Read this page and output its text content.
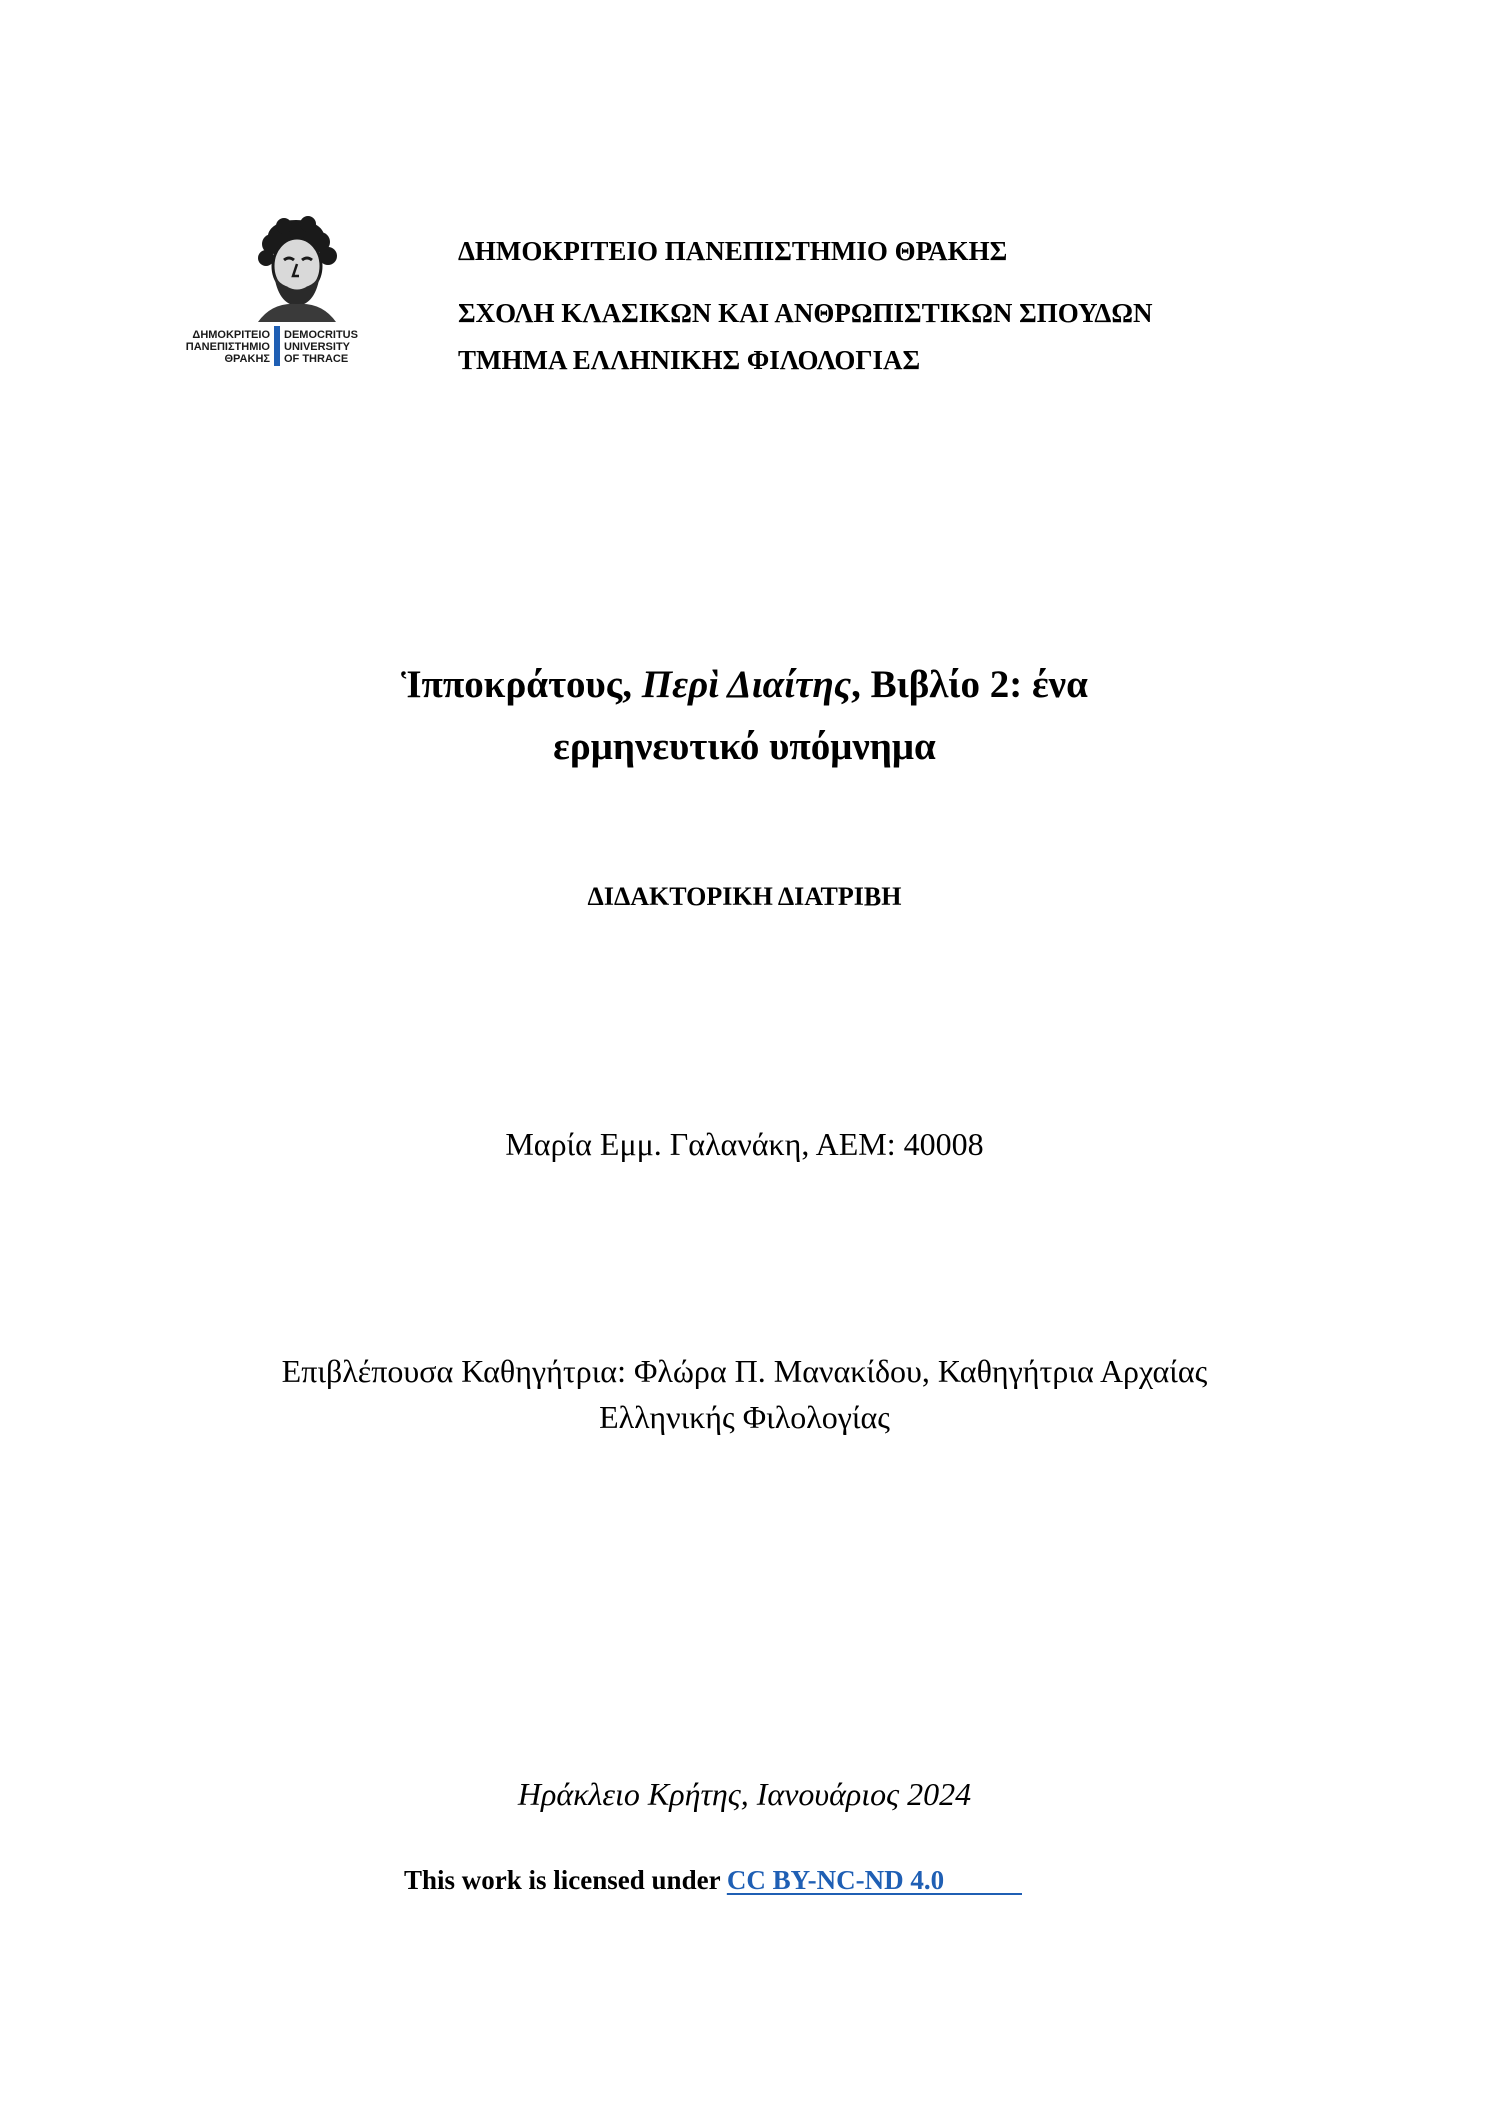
ΔΗΜΟΚΡΙΤΕΙΟ
ΠΑΝΕΠΙΣΤΗΜΙΟ
ΘΡΑΚΗΣ
DEMOCRITUS
UNIVERSITY
OF THRACE
ΔΗΜΟΚΡΙΤΕΙΟ ΠΑΝΕΠΙΣΤΗΜΙΟ ΘΡΑΚΗΣ
ΣΧΟΛΗ ΚΛΑΣΙΚΩΝ ΚΑΙ ΑΝΘΡΩΠΙΣΤΙΚΩΝ ΣΠΟΥΔΩΝ
ΤΜΗΜΑ ΕΛΛΗΝΙΚΗΣ ΦΙΛΟΛΟΓΙΑΣ
Ἱπποκράτους, Περὶ Διαίτης, Βιβλίο 2: ένα
ερμηνευτικό υπόμνημα
ΔΙΔΑΚΤΟΡΙΚΗ ΔΙΑΤΡΙΒΗ
Μαρία Εμμ. Γαλανάκη, ΑΕΜ: 40008
Επιβλέπουσα Καθηγήτρια: Φλώρα Π. Μανακίδου, Καθηγήτρια Αρχαίας
Ελληνικής Φιλολογίας
Ηράκλειο Κρήτης, Ιανουάριος 2024
This work is licensed under CC BY-NC-ND 4.0
